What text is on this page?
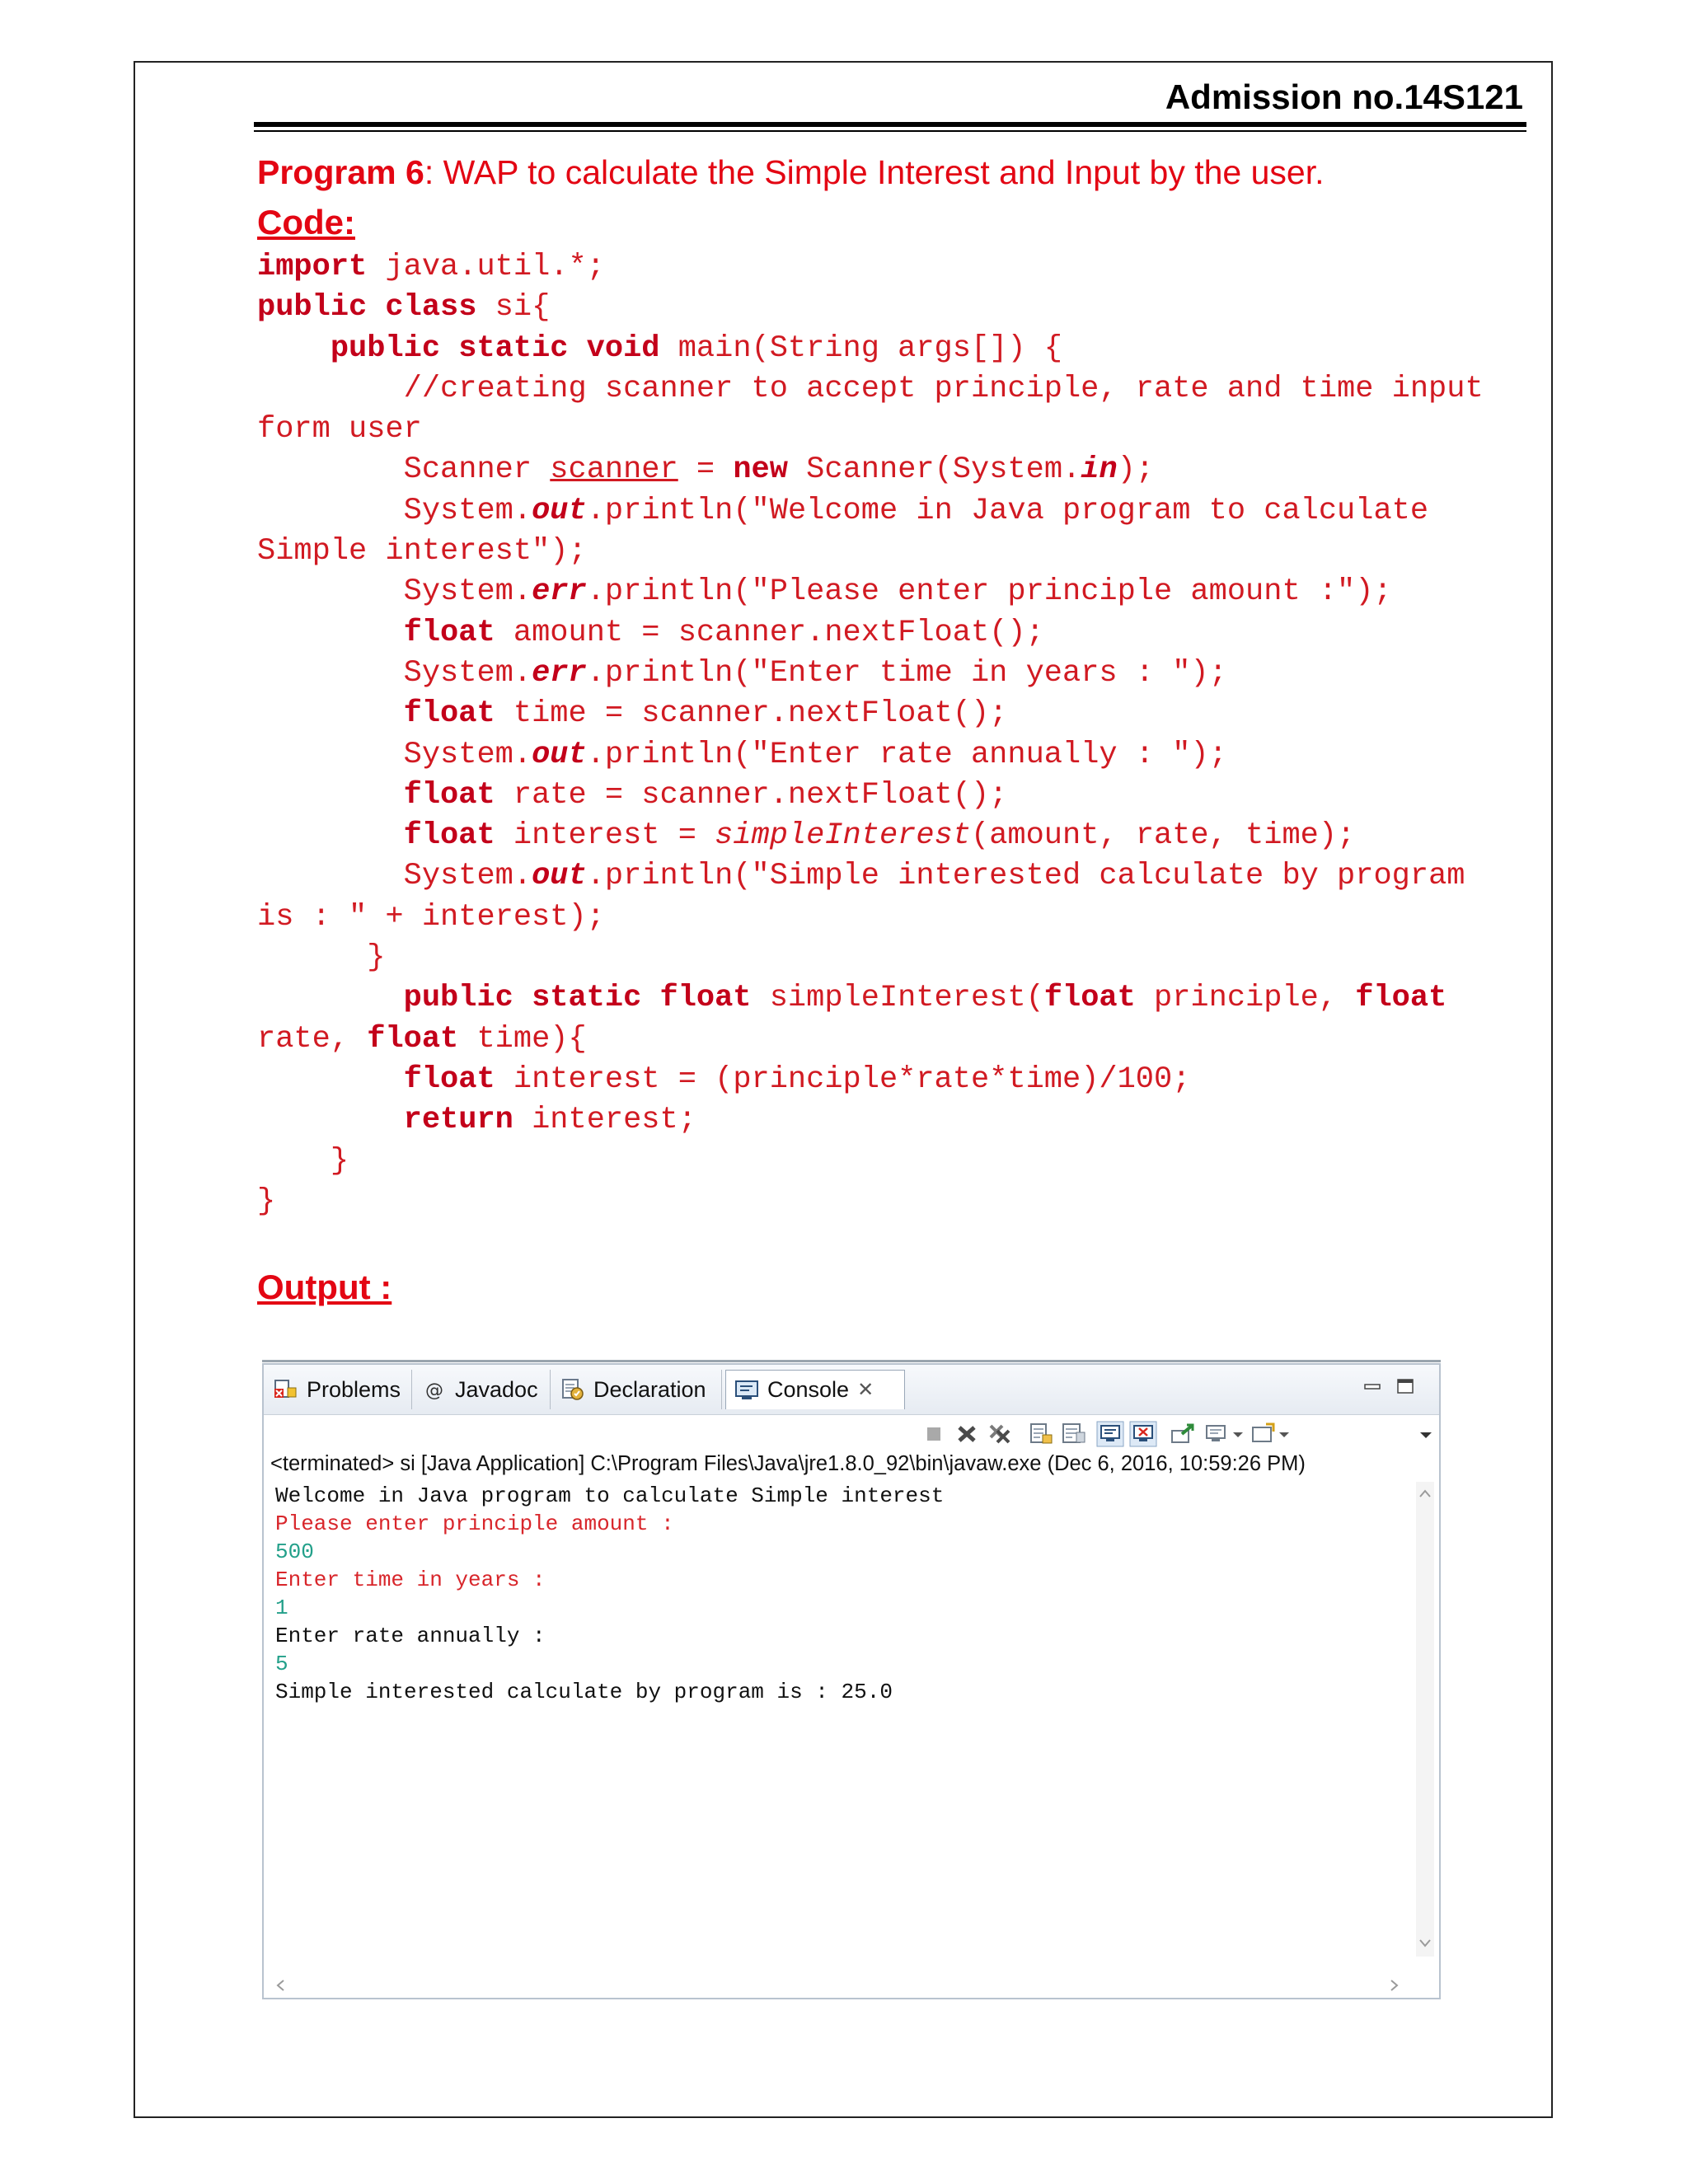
Admission no.14S121
Program 6: WAP to calculate the Simple Interest and Input by the user.
Code:
import java.util.*;
public class si{
public static void main(String args[]) {
//creating scanner to accept principle, rate and time input
form user
Scanner scanner = new Scanner(System.in);
System.out.println("Welcome in Java program to calculate
Simple interest");
System.err.println("Please enter principle amount :");
float amount = scanner.nextFloat();
System.err.println("Enter time in years : ");
float time = scanner.nextFloat();
System.out.println("Enter rate annually : ");
float rate = scanner.nextFloat();
float interest = simpleInterest(amount, rate, time);
System.out.println("Simple interested calculate by program
is : " + interest);
}
public static float simpleInterest(float principle, float
rate, float time){
float interest = (principle*rate*time)/100;
return interest;
}
}
Output :
Problems @ Javadoc Declaration	Console ✕
<terminated> si [Java Application] C:\Program Files\Java\jre1.8.0_92\bin\javaw.exe (Dec 6, 2016, 10:59:26 PM)
Welcome in Java program to calculate Simple interest
Please enter principle amount :
500
Enter time in years :
1
Enter rate annually :
5
Simple interested calculate by program is : 25.0
